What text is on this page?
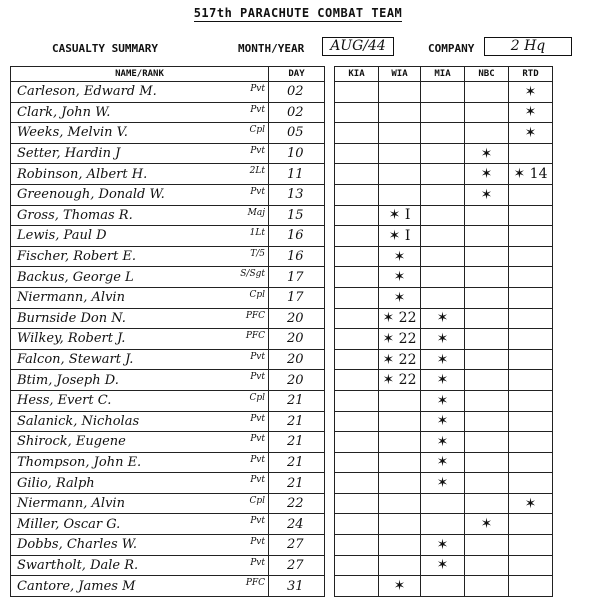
517th PARACHUTE COMBAT TEAM
CASUALTY SUMMARY	MONTH/YEAR	AUG/44	COMPANY	2 Hq
NAME/RANK	DAY		KIA	WIA	MIA	NBC	RTD
Carleson, Edward M. Pvt	02						✶
Clark, John W. Pvt	02						✶
Weeks, Melvin V. Cpl	05						✶
Setter, Hardin J Pvt	10					✶	
Robinson, Albert H. 2Lt	11					✶	✶ 14
Greenough, Donald W. Pvt	13					✶	
Gross, Thomas R. Maj	15			✶ I			
Lewis, Paul D 1Lt	16			✶ I			
Fischer, Robert E. T/5	16			✶			
Backus, George L S/Sgt	17			✶			
Niermann, Alvin Cpl	17			✶			
Burnside Don N. PFC	20			✶ 22	✶		
Wilkey, Robert J. PFC	20			✶ 22	✶		
Falcon, Stewart J. Pvt	20			✶ 22	✶		
Btim, Joseph D. Pvt	20			✶ 22	✶		
Hess, Evert C. Cpl	21				✶		
Salanick, Nicholas Pvt	21				✶		
Shirock, Eugene Pvt	21				✶		
Thompson, John E. Pvt	21				✶		
Gilio, Ralph Pvt	21				✶		
Niermann, Alvin Cpl	22						✶
Miller, Oscar G. Pvt	24					✶	
Dobbs, Charles W. Pvt	27				✶		
Swartholt, Dale R. Pvt	27				✶		
Cantore, James M PFC	31			✶			
